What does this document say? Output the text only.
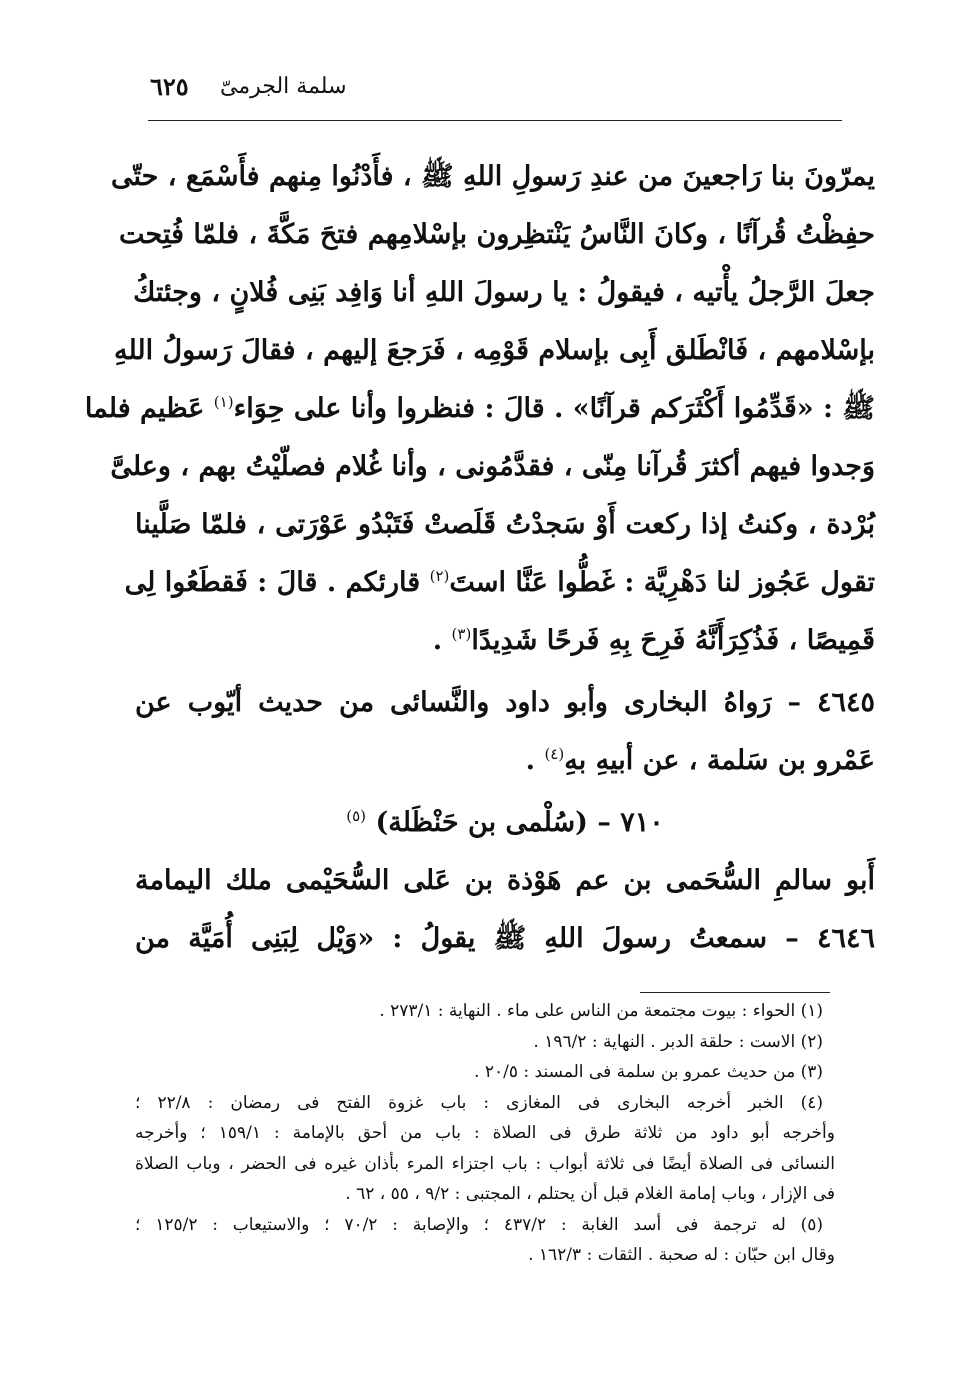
٦٢٥ سلمة الجرمىّ
يمرّونَ بنا رَاجعينَ من عندِ رَسولِ اللهِ ﷺ ، فأَدْنُوا مِنهم فأَسْمَع ، حتّى
حفِظْتُ قُرآنًا ، وكانَ النَّاسُ يَنْتظِرون بإسْلامِهم فتحَ مَكَّةَ ، فلمّا فُتِحت
جعلَ الرَّجلُ يأْتيه ، فيقولُ : يا رسولَ اللهِ أنا وَافِد بَنِى فُلانٍ ، وجئتكُ
بإسْلامهم ، فَانْطَلق أَبِى بإسلام قَوْمِه ، فَرَجعَ إليهم ، فقالَ رَسولُ اللهِ
ﷺ : «قَدِّمُوا أَكْثَرَكم قرآنًا» . قالَ : فنظروا وأنا على حِوَاء$^{(١)}$ عَظيم فلما
وَجدوا فيهم أكثرَ قُرآنا مِنّى ، فقدَّمُونى ، وأنا غُلام فصلّيْتُ بهم ، وعلىَّ
بُرْدة ، وكنتُ إذا ركعت أَوْ سَجدْتُ قَلَصتْ فَتَبْدُو عَوْرَتى ، فلمّا صَلَّينا
تقول عَجُوز لنا دَهْرِيَّة : غَطُّوا عَنَّا استَ$^{(٢)}$ قارئكم . قالَ : فَقطَعُوا لِى
قَمِيصًا ، فَذُكِرَأَنَّهُ فَرِحَ بِهِ فَرحًا شَدِيدًا$^{(٣)}$ .
٤٦٤٥ – رَواهُ البخارى وأبو داود والنَّسائى من حديث أيّوب عن
عَمْرو بن سَلمة ، عن أبيهِ بهِ$^{(٤)}$ .
٧١٠ – (سُلْمى بن حَنْظَلة) $^{(٥)}$
أَبو سالمِ السُّحَمى بن عم هَوْذة بن عَلى السُّحَيْمى ملك اليمامة
٤٦٤٦ – سمعتُ رسولَ اللهِ ﷺ يقولُ : «وَيْل لِبَنِى أُمَيَّة من
(١) الحواء : بيوت مجتمعة من الناس على ماء . النهاية : ٢٧٣/١ .
(٢) الاست : حلقة الدبر . النهاية : ١٩٦/٢ .
(٣) من حديث عمرو بن سلمة فى المسند : ٢٠/٥ .
(٤) الخبر أخرجه البخارى فى المغازى : باب غزوة الفتح فى رمضان : ٢٢/٨ ؛
وأخرجه أبو داود من ثلاثة طرق فى الصلاة : باب من أحق بالإمامة : ١٥٩/١ ؛ وأخرجه
النسائى فى الصلاة أيضًا فى ثلاثة أبواب : باب اجتزاء المرء بأذان غيره فى الحضر ، وباب الصلاة
فى الإزار ، وباب إمامة الغلام قبل أن يحتلم ، المجتبى : ٩/٢ ، ٥٥ ، ٦٢ .
(٥) له ترجمة فى أسد الغابة : ٤٣٧/٢ ؛ والإصابة : ٧٠/٢ ؛ والاستيعاب : ١٢٥/٢ ؛
وقال ابن حبّان : له صحبة . الثقات : ١٦٢/٣ .
